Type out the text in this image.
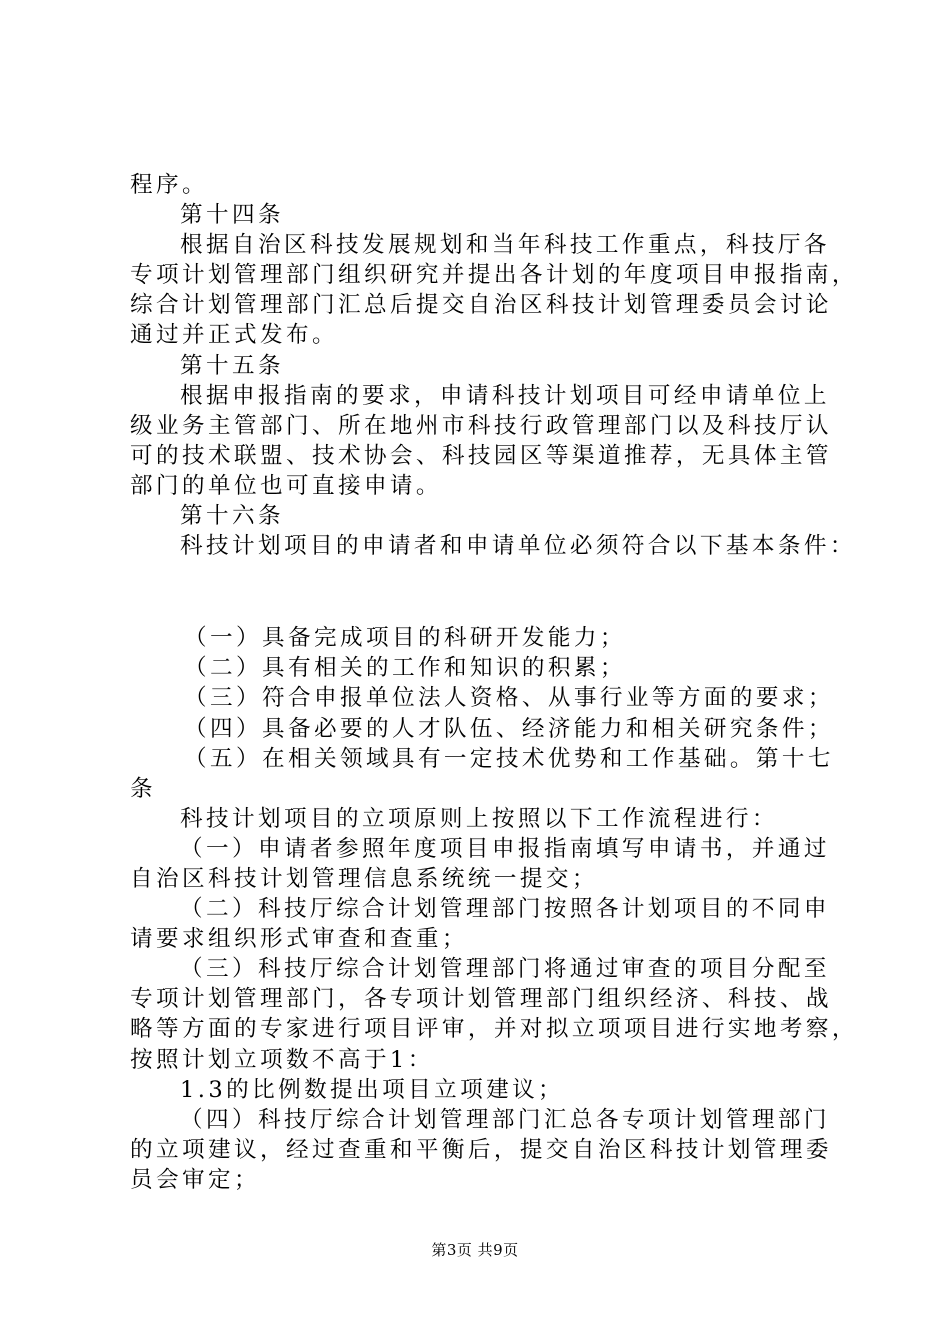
程序。

第十四条

根据自治区科技发展规划和当年科技工作重点，科技厅各

专项计划管理部门组织研究并提出各计划的年度项目申报指南，

综合计划管理部门汇总后提交自治区科技计划管理委员会讨论

通过并正式发布。

第十五条

根据申报指南的要求，申请科技计划项目可经申请单位上

级业务主管部门、所在地州市科技行政管理部门以及科技厅认

可的技术联盟、技术协会、科技园区等渠道推荐，无具体主管

部门的单位也可直接申请。

第十六条

科技计划项目的申请者和申请单位必须符合以下基本条件：

（一）具备完成项目的科研开发能力；

（二）具有相关的工作和知识的积累；

（三）符合申报单位法人资格、从事行业等方面的要求；

（四）具备必要的人才队伍、经济能力和相关研究条件；

（五）在相关领域具有一定技术优势和工作基础。第十七

条

科技计划项目的立项原则上按照以下工作流程进行：

（一）申请者参照年度项目申报指南填写申请书，并通过

自治区科技计划管理信息系统统一提交；

（二）科技厅综合计划管理部门按照各计划项目的不同申

请要求组织形式审查和查重；

（三）科技厅综合计划管理部门将通过审查的项目分配至

专项计划管理部门，各专项计划管理部门组织经济、科技、战

略等方面的专家进行项目评审，并对拟立项项目进行实地考察，

按照计划立项数不高于1：

1.3的比例数提出项目立项建议；

（四）科技厅综合计划管理部门汇总各专项计划管理部门

的立项建议，经过查重和平衡后，提交自治区科技计划管理委

员会审定；

第3页 共9页
